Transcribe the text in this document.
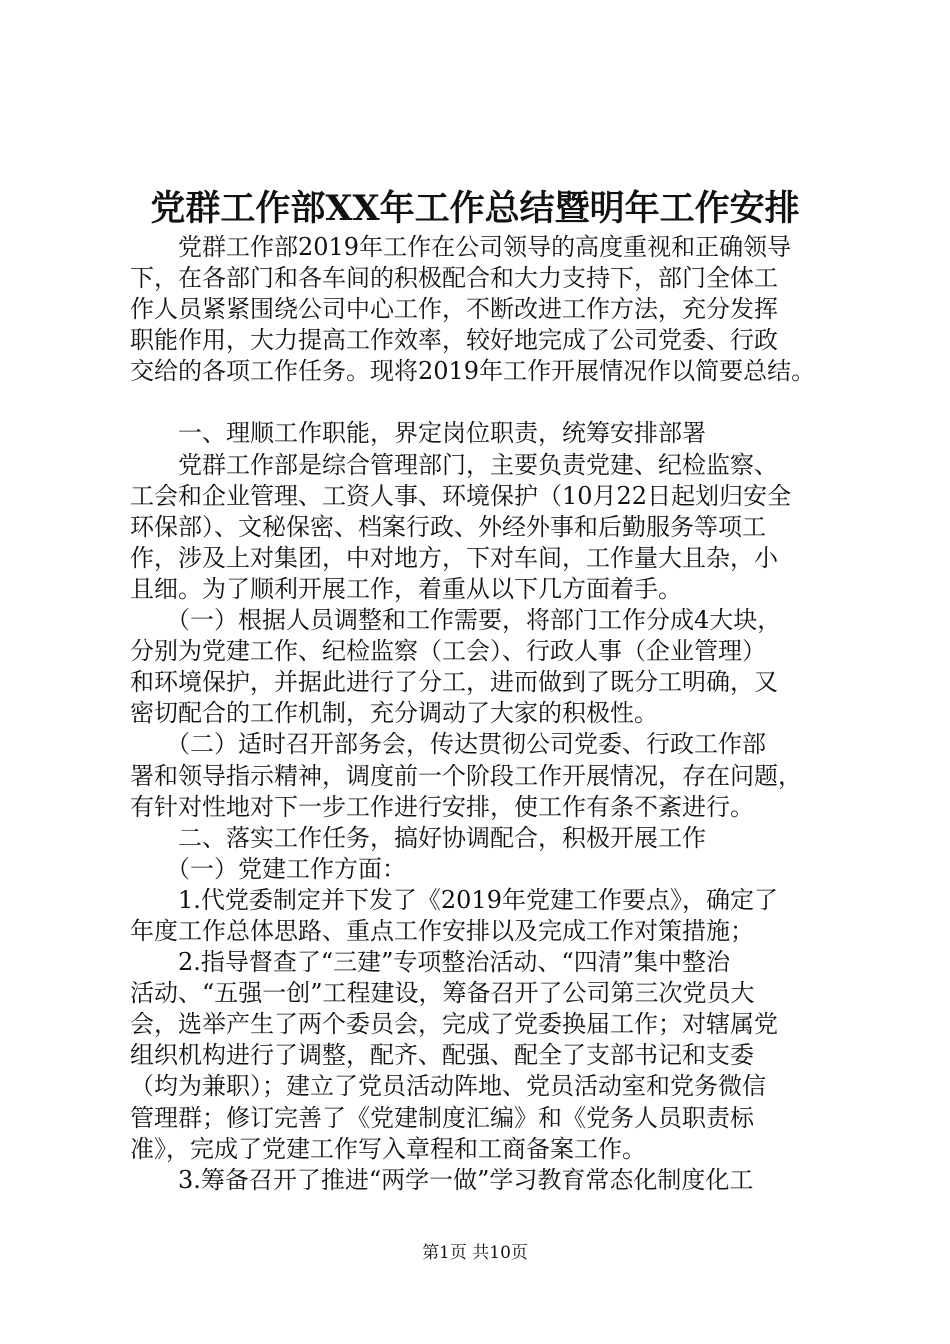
党群工作部XX年工作总结暨明年工作安排
　　党群工作部2019年工作在公司领导的高度重视和正确领导
下，在各部门和各车间的积极配合和大力支持下，部门全体工
作人员紧紧围绕公司中心工作，不断改进工作方法，充分发挥
职能作用，大力提高工作效率，较好地完成了公司党委、行政
交给的各项工作任务。现将2019年工作开展情况作以简要总结。
　　一、理顺工作职能，界定岗位职责，统筹安排部署
　　党群工作部是综合管理部门，主要负责党建、纪检监察、
工会和企业管理、工资人事、环境保护（10月22日起划归安全
环保部）、文秘保密、档案行政、外经外事和后勤服务等项工
作，涉及上对集团，中对地方，下对车间，工作量大且杂，小
且细。为了顺利开展工作，着重从以下几方面着手。
　　（一）根据人员调整和工作需要，将部门工作分成4大块，
分别为党建工作、纪检监察（工会）、行政人事（企业管理）
和环境保护，并据此进行了分工，进而做到了既分工明确，又
密切配合的工作机制，充分调动了大家的积极性。
　　（二）适时召开部务会，传达贯彻公司党委、行政工作部
署和领导指示精神，调度前一个阶段工作开展情况，存在问题，
有针对性地对下一步工作进行安排，使工作有条不紊进行。
　　二、落实工作任务，搞好协调配合，积极开展工作
　　（一）党建工作方面：
　　1.代党委制定并下发了《2019年党建工作要点》，确定了
年度工作总体思路、重点工作安排以及完成工作对策措施；
　　2.指导督查了“三建”专项整治活动、“四清”集中整治
活动、“五强一创”工程建设，筹备召开了公司第三次党员大
会，选举产生了两个委员会，完成了党委换届工作；对辖属党
组织机构进行了调整，配齐、配强、配全了支部书记和支委
（均为兼职）；建立了党员活动阵地、党员活动室和党务微信
管理群；修订完善了《党建制度汇编》和《党务人员职责标
准》，完成了党建工作写入章程和工商备案工作。
　　3.筹备召开了推进“两学一做”学习教育常态化制度化工
第1页 共10页
